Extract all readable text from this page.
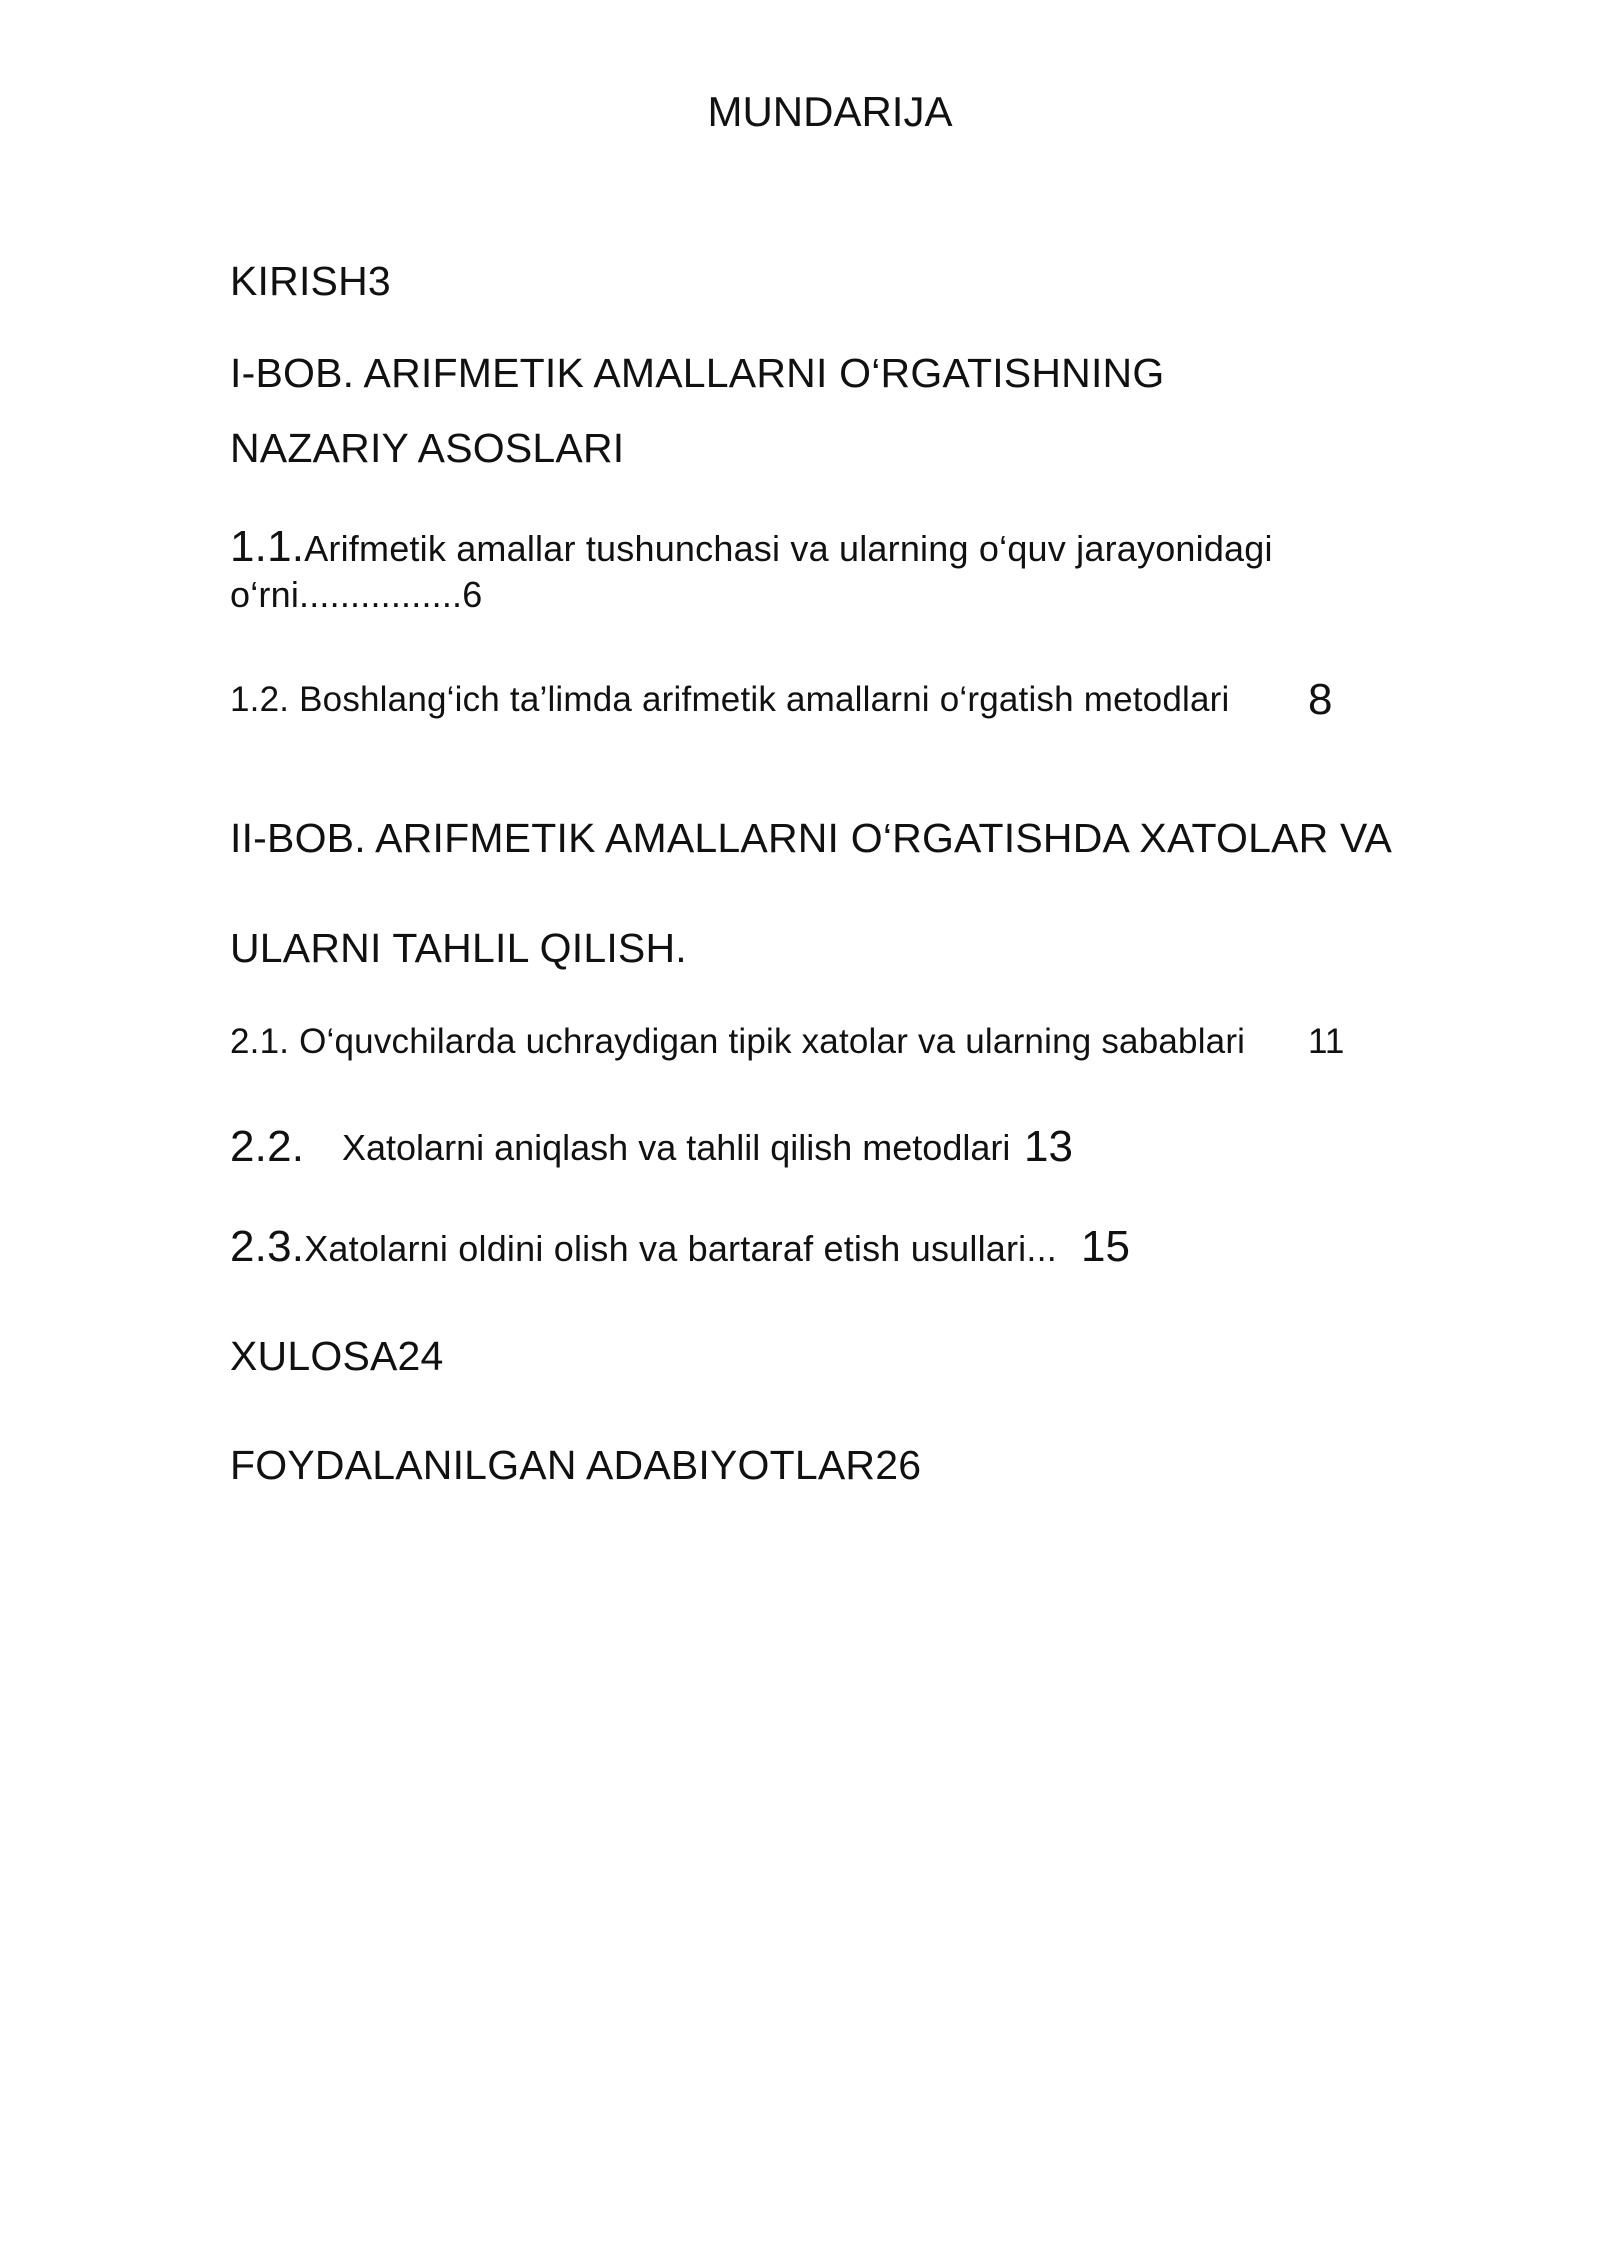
MUNDARIJA
KIRISH3
I-BOB. ARIFMETIK AMALLARNI O‘RGATISHNING
NAZARIY ASOSLARI
1.1.Arifmetik amallar tushunchasi va ularning o‘quv jarayonidagi
o‘rni................6
1.2. Boshlang‘ich ta’limda arifmetik amallarni o‘rgatish metodlari 8
II-BOB. ARIFMETIK AMALLARNI O‘RGATISHDA XATOLAR VA
ULARNI TAHLIL QILISH.
2.1. O‘quvchilarda uchraydigan tipik xatolar va ularning sabablari 11
2.2. Xatolarni aniqlash va tahlil qilish metodlari 13
2.3.Xatolarni oldini olish va bartaraf etish usullari... 15
XULOSA24
FOYDALANILGAN ADABIYOTLAR26
